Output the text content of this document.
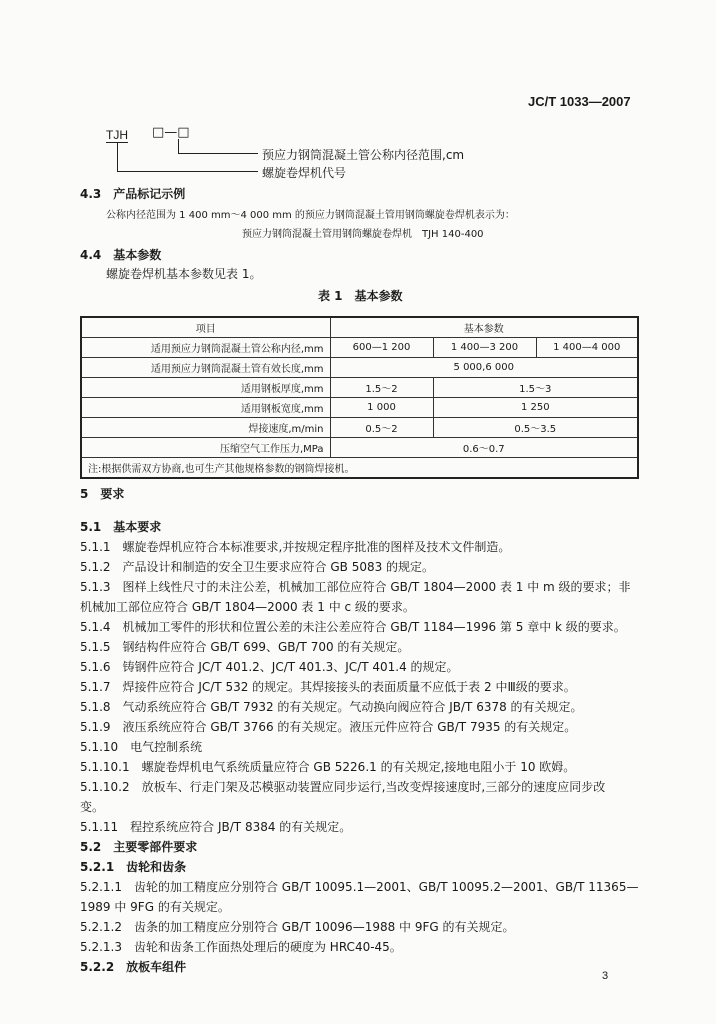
JC/T 1033—2007
TJH □—□
预应力钢筒混凝土管公称内径范围,cm
螺旋卷焊机代号
4.3　产品标记示例
公称内径范围为 1 400 mm～4 000 mm 的预应力钢筒混凝土管用钢筒螺旋卷焊机表示为：
预应力钢筒混凝土管用钢筒螺旋卷焊机　TJH 140-400
4.4　基本参数
螺旋卷焊机基本参数见表 1。
表 1　基本参数
项目	基本参数		
适用预应力钢筒混凝土管公称内径,mm	600—1 200	1 400—3 200	1 400—4 000
适用预应力钢筒混凝土管有效长度,mm	5 000,6 000		
适用钢板厚度,mm	1.5～2	1.5～3	
适用钢板宽度,mm	1 000	1 250	
焊接速度,m/min	0.5～2	0.5～3.5	
压缩空气工作压力,MPa	0.6～0.7		
注:根据供需双方协商,也可生产其他规格参数的钢筒焊接机。			
5　要求
5.1　基本要求
5.1.1　螺旋卷焊机应符合本标准要求,并按规定程序批准的图样及技术文件制造。
5.1.2　产品设计和制造的安全卫生要求应符合 GB 5083 的规定。
5.1.3　图样上线性尺寸的未注公差，机械加工部位应符合 GB/T 1804—2000 表 1 中 m 级的要求；非
机械加工部位应符合 GB/T 1804—2000 表 1 中 c 级的要求。
5.1.4　机械加工零件的形状和位置公差的未注公差应符合 GB/T 1184—1996 第 5 章中 k 级的要求。
5.1.5　钢结构件应符合 GB/T 699、GB/T 700 的有关规定。
5.1.6　铸钢件应符合 JC/T 401.2、JC/T 401.3、JC/T 401.4 的规定。
5.1.7　焊接件应符合 JC/T 532 的规定。其焊接接头的表面质量不应低于表 2 中Ⅲ级的要求。
5.1.8　气动系统应符合 GB/T 7932 的有关规定。气动换向阀应符合 JB/T 6378 的有关规定。
5.1.9　液压系统应符合 GB/T 3766 的有关规定。液压元件应符合 GB/T 7935 的有关规定。
5.1.10　电气控制系统
5.1.10.1　螺旋卷焊机电气系统质量应符合 GB 5226.1 的有关规定,接地电阻小于 10 欧姆。
5.1.10.2　放板车、行走门架及芯模驱动装置应同步运行,当改变焊接速度时,三部分的速度应同步改
变。
5.1.11　程控系统应符合 JB/T 8384 的有关规定。
5.2　主要零部件要求
5.2.1　齿轮和齿条
5.2.1.1　齿轮的加工精度应分别符合 GB/T 10095.1—2001、GB/T 10095.2—2001、GB/T 11365—
1989 中 9FG 的有关规定。
5.2.1.2　齿条的加工精度应分别符合 GB/T 10096—1988 中 9FG 的有关规定。
5.2.1.3　齿轮和齿条工作面热处理后的硬度为 HRC40-45。
5.2.2　放板车组件
3
